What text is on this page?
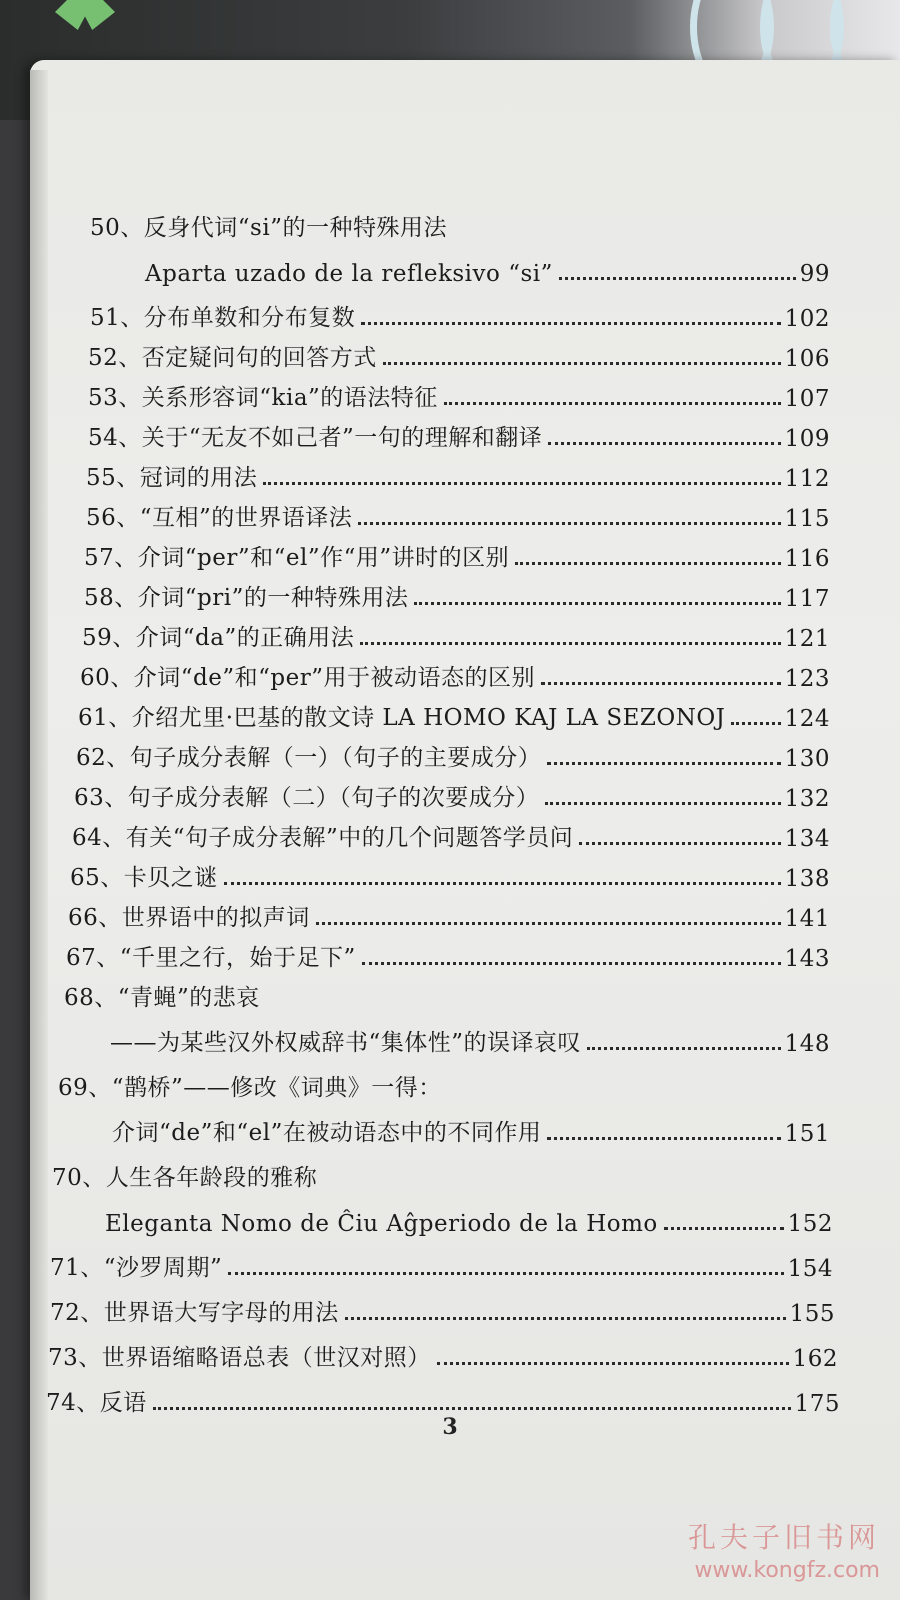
50、 反身代词“si”的一种特殊用法
Aparta uzado de la refleksivo “si”	99
51、 分布单数和分布复数	102
52、 否定疑问句的回答方式	106
53、 关系形容词“kia”的语法特征	107
54、 关于“无友不如己者”一句的理解和翻译	109
55、 冠词的用法	112
56、 “互相”的世界语译法	115
57、 介词“per”和“el”作“用”讲时的区别	116
58、 介词“pri”的一种特殊用法	117
59、 介词“da”的正确用法	121
60、 介词“de”和“per”用于被动语态的区别	123
61、 介绍尤里·巴基的散文诗 LA HOMO KAJ LA SEZONOJ	124
62、 句子成分表解（一）（句子的主要成分）	130
63、 句子成分表解（二）（句子的次要成分）	132
64、 有关“句子成分表解”中的几个问题答学员问	134
65、 卡贝之谜	138
66、 世界语中的拟声词	141
67、 “千里之行，始于足下”	143
68、 “青蝇”的悲哀
——为某些汉外权威辞书“集体性”的误译哀叹	148
69、 “鹊桥”——修改《词典》一得：
介词“de”和“el”在被动语态中的不同作用	151
70、 人生各年龄段的雅称
Eleganta Nomo de Ĉiu Aĝperiodo de la Homo	152
71、 “沙罗周期”	154
72、 世界语大写字母的用法	155
73、 世界语缩略语总表（世汉对照）	162
74、 反语	175
3
孔夫子旧书网
www.kongfz.com
